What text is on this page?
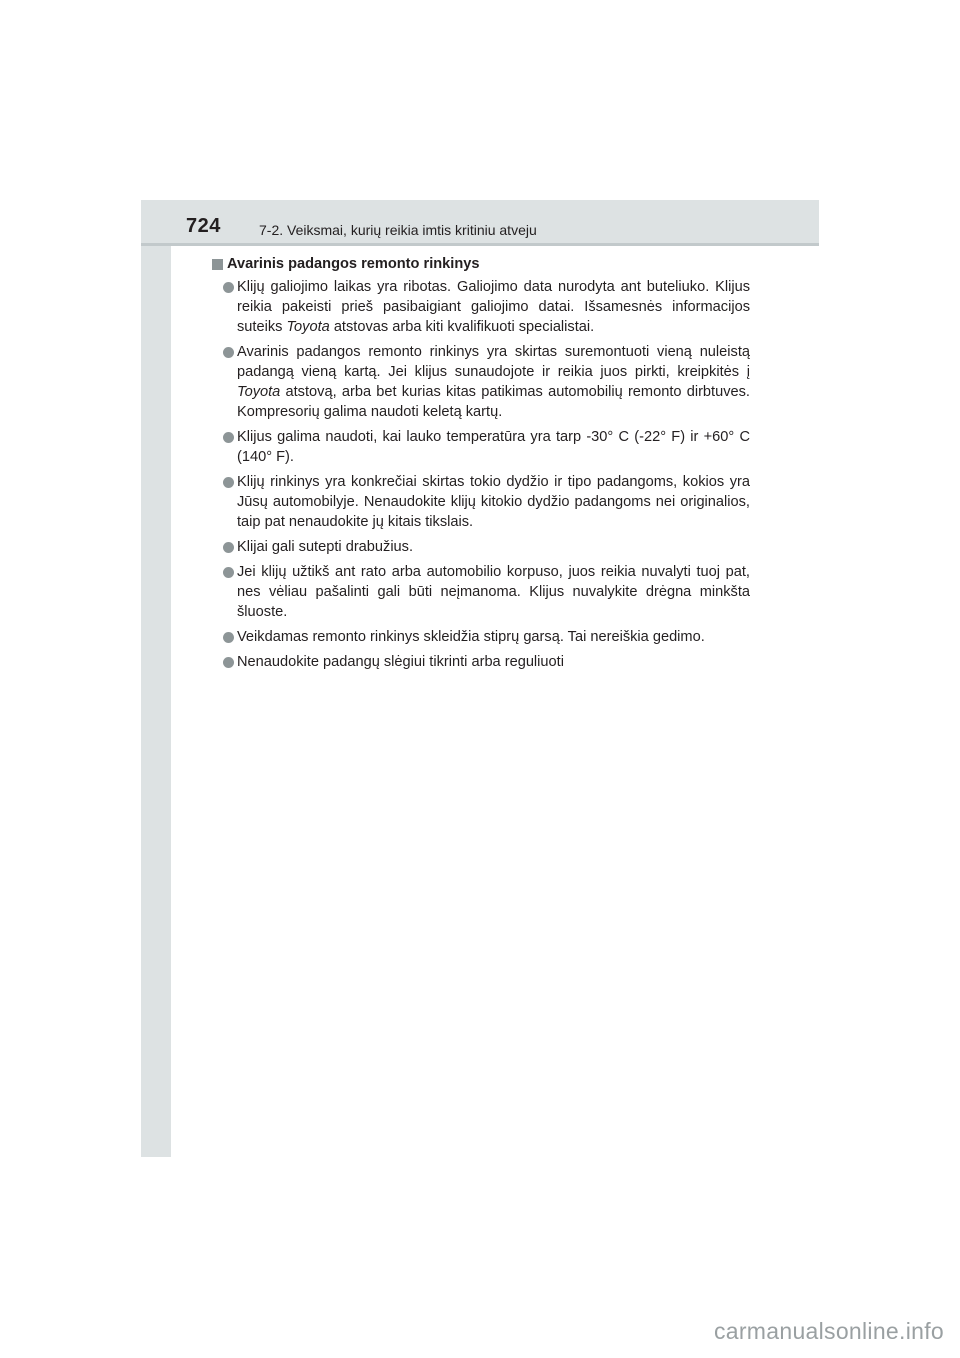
724	7-2. Veiksmai, kurių reikia imtis kritiniu atveju
Avarinis padangos remonto rinkinys
Klijų galiojimo laikas yra ribotas. Galiojimo data nurodyta ant buteliuko. Klijus reikia pakeisti prieš pasibaigiant galiojimo datai. Išsamesnės informacijos suteiks Toyota atstovas arba kiti kvalifikuoti specialistai.
Avarinis padangos remonto rinkinys yra skirtas suremontuoti vieną nuleistą padangą vieną kartą. Jei klijus sunaudojote ir reikia juos pirkti, kreipkitės į Toyota atstovą, arba bet kurias kitas patikimas automobilių remonto dirbtuves. Kompresorių galima naudoti keletą kartų.
Klijus galima naudoti, kai lauko temperatūra yra tarp -30° C (-22° F) ir +60° C (140° F).
Klijų rinkinys yra konkrečiai skirtas tokio dydžio ir tipo padangoms, kokios yra Jūsų automobilyje. Nenaudokite klijų kitokio dydžio padangoms nei originalios, taip pat nenaudokite jų kitais tikslais.
Klijai gali sutepti drabužius.
Jei klijų užtikš ant rato arba automobilio korpuso, juos reikia nuvalyti tuoj pat, nes vėliau pašalinti gali būti neįmanoma. Klijus nuvalykite drėgna minkšta šluoste.
Veikdamas remonto rinkinys skleidžia stiprų garsą. Tai nereiškia gedimo.
Nenaudokite padangų slėgiui tikrinti arba reguliuoti
carmanualsonline.info
